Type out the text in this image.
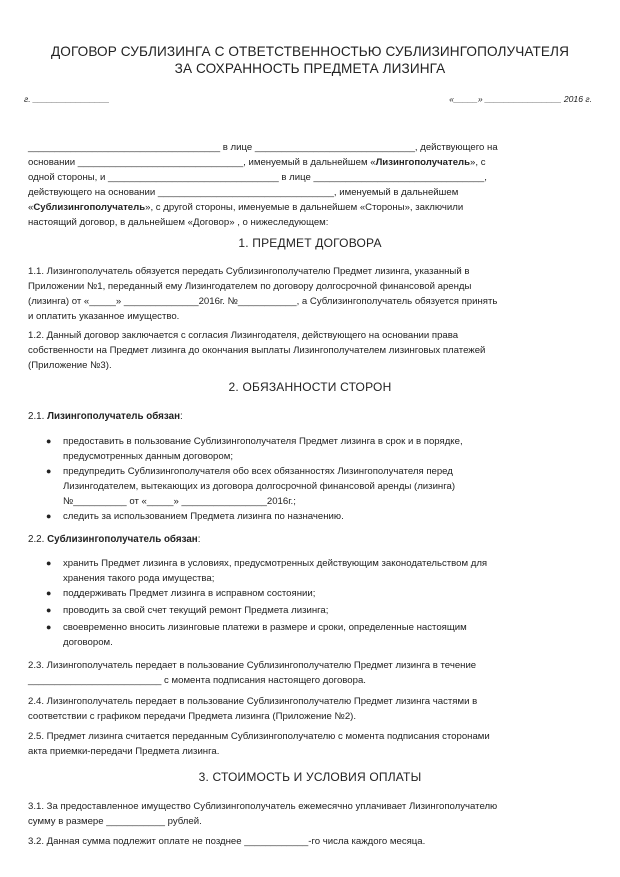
ДОГОВОР СУБЛИЗИНГА С ОТВЕТСТВЕННОСТЬЮ СУБЛИЗИНГОПОЛУЧАТЕЛЯ
ЗА СОХРАННОСТЬ ПРЕДМЕТА ЛИЗИНГА
г. ________________	«_____» ________________ 2016 г.
____________________________________ в лице ______________________________, действующего на
основании _______________________________, именуемый в дальнейшем «Лизингополучатель», с
одной стороны, и ________________________________ в лице ________________________________,
действующего на основании _________________________________, именуемый в дальнейшем
«Сублизингополучатель», с другой стороны, именуемые в дальнейшем «Стороны», заключили
настоящий договор, в дальнейшем «Договор» , о нижеследующем:
1. ПРЕДМЕТ ДОГОВОРА
1.1. Лизингополучатель обязуется передать Сублизингополучателю Предмет лизинга, указанный в
Приложении №1, переданный ему Лизингодателем по договору долгосрочной финансовой аренды
(лизинга) от «_____» ______________2016г. №___________, а Сублизингополучатель обязуется принять
и оплатить указанное имущество.
1.2. Данный договор заключается с согласия Лизингодателя, действующего на основании права
собственности на Предмет лизинга до окончания выплаты Лизингополучателем лизинговых платежей
(Приложение №3).
2. ОБЯЗАННОСТИ СТОРОН
2.1. Лизингополучатель обязан:
● предоставить в пользование Сублизингополучателя Предмет лизинга в срок и в порядке,
предусмотренных данным договором;
● предупредить Сублизингополучателя обо всех обязанностях Лизингополучателя перед
Лизингодателем, вытекающих из договора долгосрочной финансовой аренды (лизинга)
№__________ от «_____» ________________2016г.;
● следить за использованием Предмета лизинга по назначению.
2.2. Сублизингополучатель обязан:
● хранить Предмет лизинга в условиях, предусмотренных действующим законодательством для
хранения такого рода имущества;
● поддерживать Предмет лизинга в исправном состоянии;
● проводить за свой счет текущий ремонт Предмета лизинга;
● своевременно вносить лизинговые платежи в размере и сроки, определенные настоящим
договором.
2.3. Лизингополучатель передает в пользование Сублизингополучателю Предмет лизинга в течение
_________________________ с момента подписания настоящего договора.
2.4. Лизингополучатель передает в пользование Сублизингополучателю Предмет лизинга частями в
соответствии с графиком передачи Предмета лизинга (Приложение №2).
2.5. Предмет лизинга считается переданным Сублизингополучателю с момента подписания сторонами
акта приемки-передачи Предмета лизинга.
3. СТОИМОСТЬ И УСЛОВИЯ ОПЛАТЫ
3.1. За предоставленное имущество Сублизингополучатель ежемесячно уплачивает Лизингополучателю
сумму в размере ___________ рублей.
3.2. Данная сумма подлежит оплате не позднее ____________-го числа каждого месяца.
